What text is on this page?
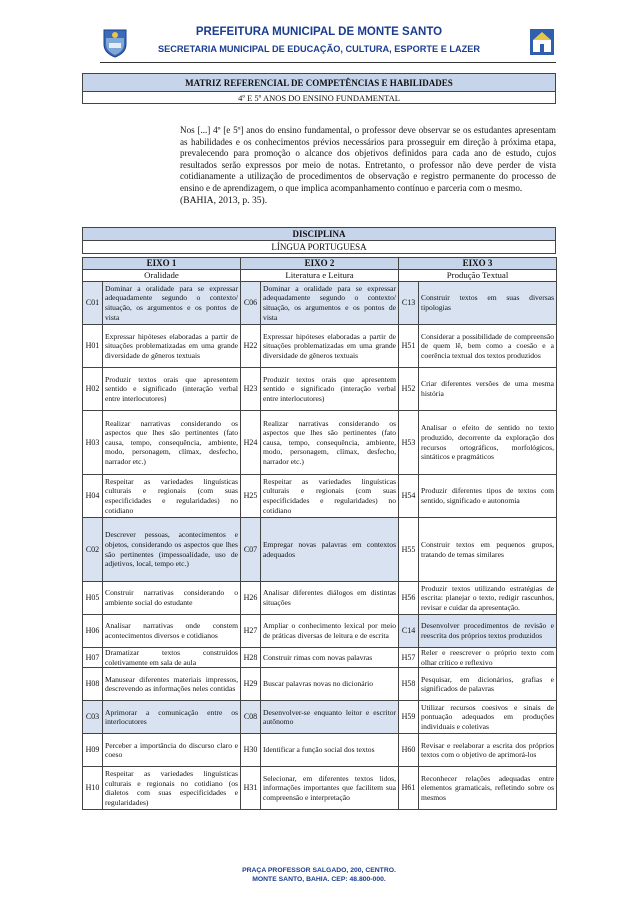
PREFEITURA MUNICIPAL DE MONTE SANTO
SECRETARIA MUNICIPAL DE EDUCAÇÃO, CULTURA, ESPORTE E LAZER
MATRIZ REFERENCIAL DE COMPETÊNCIAS E HABILIDADES
4º E 5º ANOS DO ENSINO FUNDAMENTAL
Nos [...] 4º [e 5º] anos do ensino fundamental, o professor deve observar se os estudantes apresentam as habilidades e os conhecimentos prévios necessários para prosseguir em direção à próxima etapa, prevalecendo para promoção o alcance dos objetivos definidos para cada ano de estudo, cujos resultados serão expressos por meio de notas. Entretanto, o professor não deve perder de vista cotidianamente a utilização de procedimentos de observação e registro permanente do processo de ensino e de aprendizagem, o que implica acompanhamento contínuo e parceria com o mesmo.
(BAHIA, 2013, p. 35).
DISCIPLINA
LÍNGUA PORTUGUESA
EIXO 1		EIXO 2		EIXO 3	
Oralidade		Literatura e Leitura		Produção Textual	
C01	Dominar a oralidade para se expressar adequadamente segundo o contexto/ situação, os argumentos e os pontos de vista	C06	Dominar a oralidade para se expressar adequadamente segundo o contexto/ situação, os argumentos e os pontos de vista	C13	Construir textos em suas diversas tipologias
H01	Expressar hipóteses elaboradas a partir de situações problematizadas em uma grande diversidade de gêneros textuais	H22	Expressar hipóteses elaboradas a partir de situações problematizadas em uma grande diversidade de gêneros textuais	H51	Considerar a possibilidade de compreensão de quem lê, bem como a coesão e a coerência textual dos textos produzidos
H02	Produzir textos orais que apresentem sentido e significado (interação verbal entre interlocutores)	H23	Produzir textos orais que apresentem sentido e significado (interação verbal entre interlocutores)	H52	Criar diferentes versões de uma mesma história
H03	Realizar narrativas considerando os aspectos que lhes são pertinentes (fato causa, tempo, consequência, ambiente, modo, personagem, clímax, desfecho, narrador etc.)	H24	Realizar narrativas considerando os aspectos que lhes são pertinentes (fato causa, tempo, consequência, ambiente, modo, personagem, clímax, desfecho, narrador etc.)	H53	Analisar o efeito de sentido no texto produzido, decorrente da exploração dos recursos ortográficos, morfológicos, sintáticos e pragmáticos
H04	Respeitar as variedades linguísticas culturais e regionais (com suas especificidades e regularidades) no cotidiano	H25	Respeitar as variedades linguísticas culturais e regionais (com suas especificidades e regularidades) no cotidiano	H54	Produzir diferentes tipos de textos com sentido, significado e autonomia
C02	Descrever pessoas, acontecimentos e objetos, considerando os aspectos que lhes são pertinentes (impessoalidade, uso de adjetivos, local, tempo etc.)	C07	Empregar novas palavras em contextos adequados	H55	Construir textos em pequenos grupos, tratando de temas similares
H05	Construir narrativas considerando o ambiente social do estudante	H26	Analisar diferentes diálogos em distintas situações	H56	Produzir textos utilizando estratégias de escrita: planejar o texto, redigir rascunhos, revisar e cuidar da apresentação.
H06	Analisar narrativas onde constem acontecimentos diversos e cotidianos	H27	Ampliar o conhecimento lexical por meio de práticas diversas de leitura e de escrita	C14	Desenvolver procedimentos de revisão e reescrita dos próprios textos produzidos
H07	Dramatizar textos construídos coletivamente em sala de aula	H28	Construir rimas com novas palavras	H57	Reler e reescrever o próprio texto com olhar crítico e reflexivo
H08	Manusear diferentes materiais impressos, descrevendo as informações neles contidas	H29	Buscar palavras novas no dicionário	H58	Pesquisar, em dicionários, grafias e significados de palavras
C03	Aprimorar a comunicação entre os interlocutores	C08	Desenvolver-se enquanto leitor e escritor autônomo	H59	Utilizar recursos coesivos e sinais de pontuação adequados em produções individuais e coletivas
H09	Perceber a importância do discurso claro e coeso	H30	Identificar a função social dos textos	H60	Revisar e reelaborar a escrita dos próprios textos com o objetivo de aprimorá-los
H10	Respeitar as variedades linguísticas culturais e regionais no cotidiano (os dialetos com suas especificidades e regularidades)	H31	Selecionar, em diferentes textos lidos, informações importantes que facilitem sua compreensão e interpretação	H61	Reconhecer relações adequadas entre elementos gramaticais, refletindo sobre os mesmos
PRAÇA PROFESSOR SALGADO, 200, CENTRO.
MONTE SANTO, BAHIA. CEP: 48.800-000.
